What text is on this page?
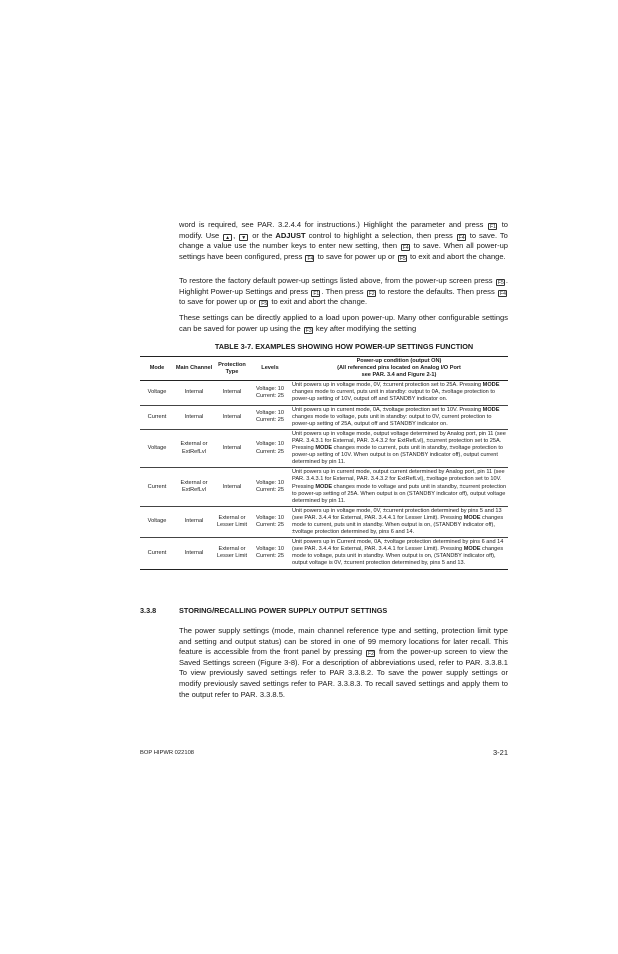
word is required, see PAR. 3.2.4.4 for instructions.) Highlight the parameter and press F1 to modify. Use ▲ , ▼ or the ADJUST control to highlight a selection, then press F4 to save. To change a value use the number keys to enter new setting, then F4 to save. When all power-up settings have been configured, press F4 to save for power up or F5 to exit and abort the change.

To restore the factory default power-up settings listed above, from the power-up screen press F5 . Highlight Power-up Settings and press F1 . Then press F2 to restore the defaults. Then press F4 to save for power up or F5 to exit and abort the change.

These settings can be directly applied to a load upon power-up. Many other configurable settings can be saved for power up using the F3 key after modifying the setting

TABLE 3-7. EXAMPLES SHOWING HOW POWER-UP SETTINGS FUNCTION

Mode	Main Channel	Protection Type	Levels	Power-up condition (output ON)
(All referenced pins located on Analog I/O Port
see PAR. 3.4 and Figure 2-1)
Voltage	Internal	Internal	Voltage: 10
Current: 25	Unit powers up in voltage mode, 0V, ±current protection set to 25A. Pressing MODE changes mode to current, puts unit in standby: output to 0A, ±voltage protection to power-up setting of 10V, output off and STANDBY indicator on.
Current	Internal	Internal	Voltage: 10
Current: 25	Unit powers up in current mode, 0A, ±voltage protection set to 10V. Pressing MODE changes mode to voltage, puts unit in standby: output to 0V, current protection to power-up setting of 25A, output off and STANDBY indicator on.
Voltage	External or ExtRefLvl	Internal	Voltage: 10
Current: 25	Unit powers up in voltage mode, output voltage determined by Analog port, pin 11 (see PAR. 3.4.3.1 for External, PAR. 3.4.3.2 for ExtRefLvl), ±current protection set to 25A. Pressing MODE changes mode to current, puts unit in standby, ±voltage protection to power-up setting of 10V. When output is on (STANDBY indicator off), output current determined by pin 11.
Current	External or ExtRefLvl	Internal	Voltage: 10
Current: 25	Unit powers up in current mode, output current determined by Analog port, pin 11 (see PAR. 3.4.3.1 for External, PAR. 3.4.3.2 for ExtRefLvl), ±voltage protection set to 10V. Pressing MODE changes mode to voltage and puts unit in standby, ±current protection to power-up setting of 25A. When output is on (STANDBY indicator off), output voltage determined by pin 11.
Voltage	Internal	External or Lesser Limit	Voltage: 10
Current: 25	Unit powers up in voltage mode, 0V, ±current protection determined by pins 5 and 13 (see PAR. 3.4.4 for External, PAR. 3.4.4.1 for Lesser Limit). Pressing MODE changes mode to current, puts unit in standby. When output is on, (STANDBY indicator off), ±voltage protection determined by, pins 6 and 14.
Current	Internal	External or Lesser Limit	Voltage: 10
Current: 25	Unit powers up in Current mode, 0A, ±voltage protection determined by pins 6 and 14 (see PAR. 3.4.4 for External, PAR. 3.4.4.1 for Lesser Limit). Pressing MODE changes mode to voltage, puts unit in standby. When output is on, (STANDBY indicator off), output voltage is 0V, ±current protection determined by, pins 5 and 13.

3.3.8	STORING/RECALLING POWER SUPPLY OUTPUT SETTINGS

The power supply settings (mode, main channel reference type and setting, protection limit type and setting and output status) can be stored in one of 99 memory locations for later recall. This feature is accessible from the front panel by pressing F2 from the power-up screen to view the Saved Settings screen (Figure 3-8). For a description of abbreviations used, refer to PAR. 3.3.8.1 To view previously saved settings refer to PAR 3.3.8.2. To save the power supply settings or modify previously saved settings refer to PAR. 3.3.8.3. To recall saved settings and apply them to the output refer to PAR. 3.3.8.5.

BOP HIPWR 022108	3-21
